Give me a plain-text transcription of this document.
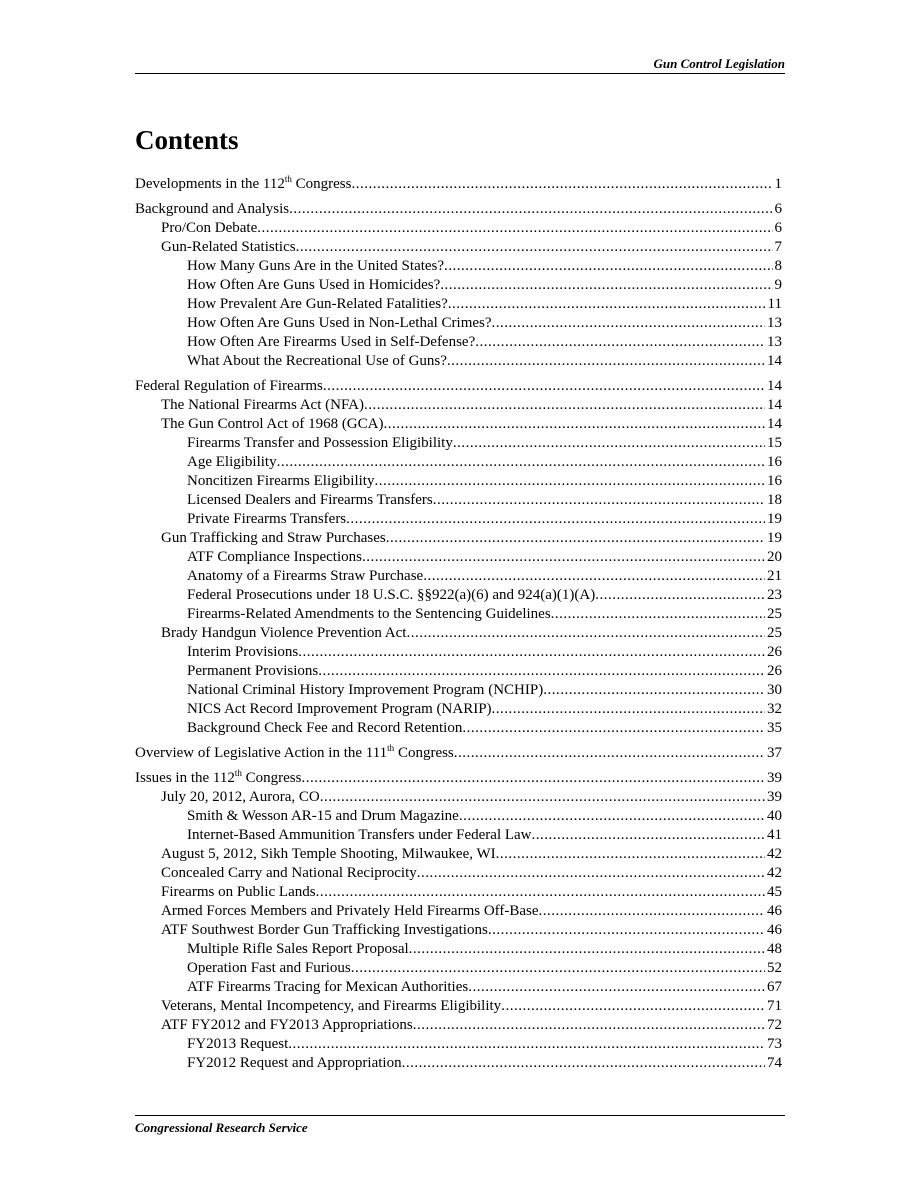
Gun Control Legislation
Contents
Developments in the 112th Congress .....	1
Background and Analysis .....	6
Pro/Con Debate .....	6
Gun-Related Statistics .....	7
How Many Guns Are in the United States? .....	8
How Often Are Guns Used in Homicides? .....	9
How Prevalent Are Gun-Related Fatalities? .....	11
How Often Are Guns Used in Non-Lethal Crimes? .....	13
How Often Are Firearms Used in Self-Defense? .....	13
What About the Recreational Use of Guns? .....	14
Federal Regulation of Firearms .....	14
The National Firearms Act (NFA) .....	14
The Gun Control Act of 1968 (GCA) .....	14
Firearms Transfer and Possession Eligibility .....	15
Age Eligibility .....	16
Noncitizen Firearms Eligibility .....	16
Licensed Dealers and Firearms Transfers .....	18
Private Firearms Transfers .....	19
Gun Trafficking and Straw Purchases .....	19
ATF Compliance Inspections .....	20
Anatomy of a Firearms Straw Purchase .....	21
Federal Prosecutions under 18 U.S.C. §§922(a)(6) and 924(a)(1)(A) .....	23
Firearms-Related Amendments to the Sentencing Guidelines .....	25
Brady Handgun Violence Prevention Act .....	25
Interim Provisions .....	26
Permanent Provisions .....	26
National Criminal History Improvement Program (NCHIP) .....	30
NICS Act Record Improvement Program (NARIP) .....	32
Background Check Fee and Record Retention .....	35
Overview of Legislative Action in the 111th Congress .....	37
Issues in the 112th Congress .....	39
July 20, 2012, Aurora, CO .....	39
Smith & Wesson AR-15 and Drum Magazine .....	40
Internet-Based Ammunition Transfers under Federal Law .....	41
August 5, 2012, Sikh Temple Shooting, Milwaukee, WI .....	42
Concealed Carry and National Reciprocity .....	42
Firearms on Public Lands .....	45
Armed Forces Members and Privately Held Firearms Off-Base .....	46
ATF Southwest Border Gun Trafficking Investigations .....	46
Multiple Rifle Sales Report Proposal .....	48
Operation Fast and Furious .....	52
ATF Firearms Tracing for Mexican Authorities .....	67
Veterans, Mental Incompetency, and Firearms Eligibility .....	71
ATF FY2012 and FY2013 Appropriations .....	72
FY2013 Request .....	73
FY2012 Request and Appropriation .....	74
Congressional Research Service
